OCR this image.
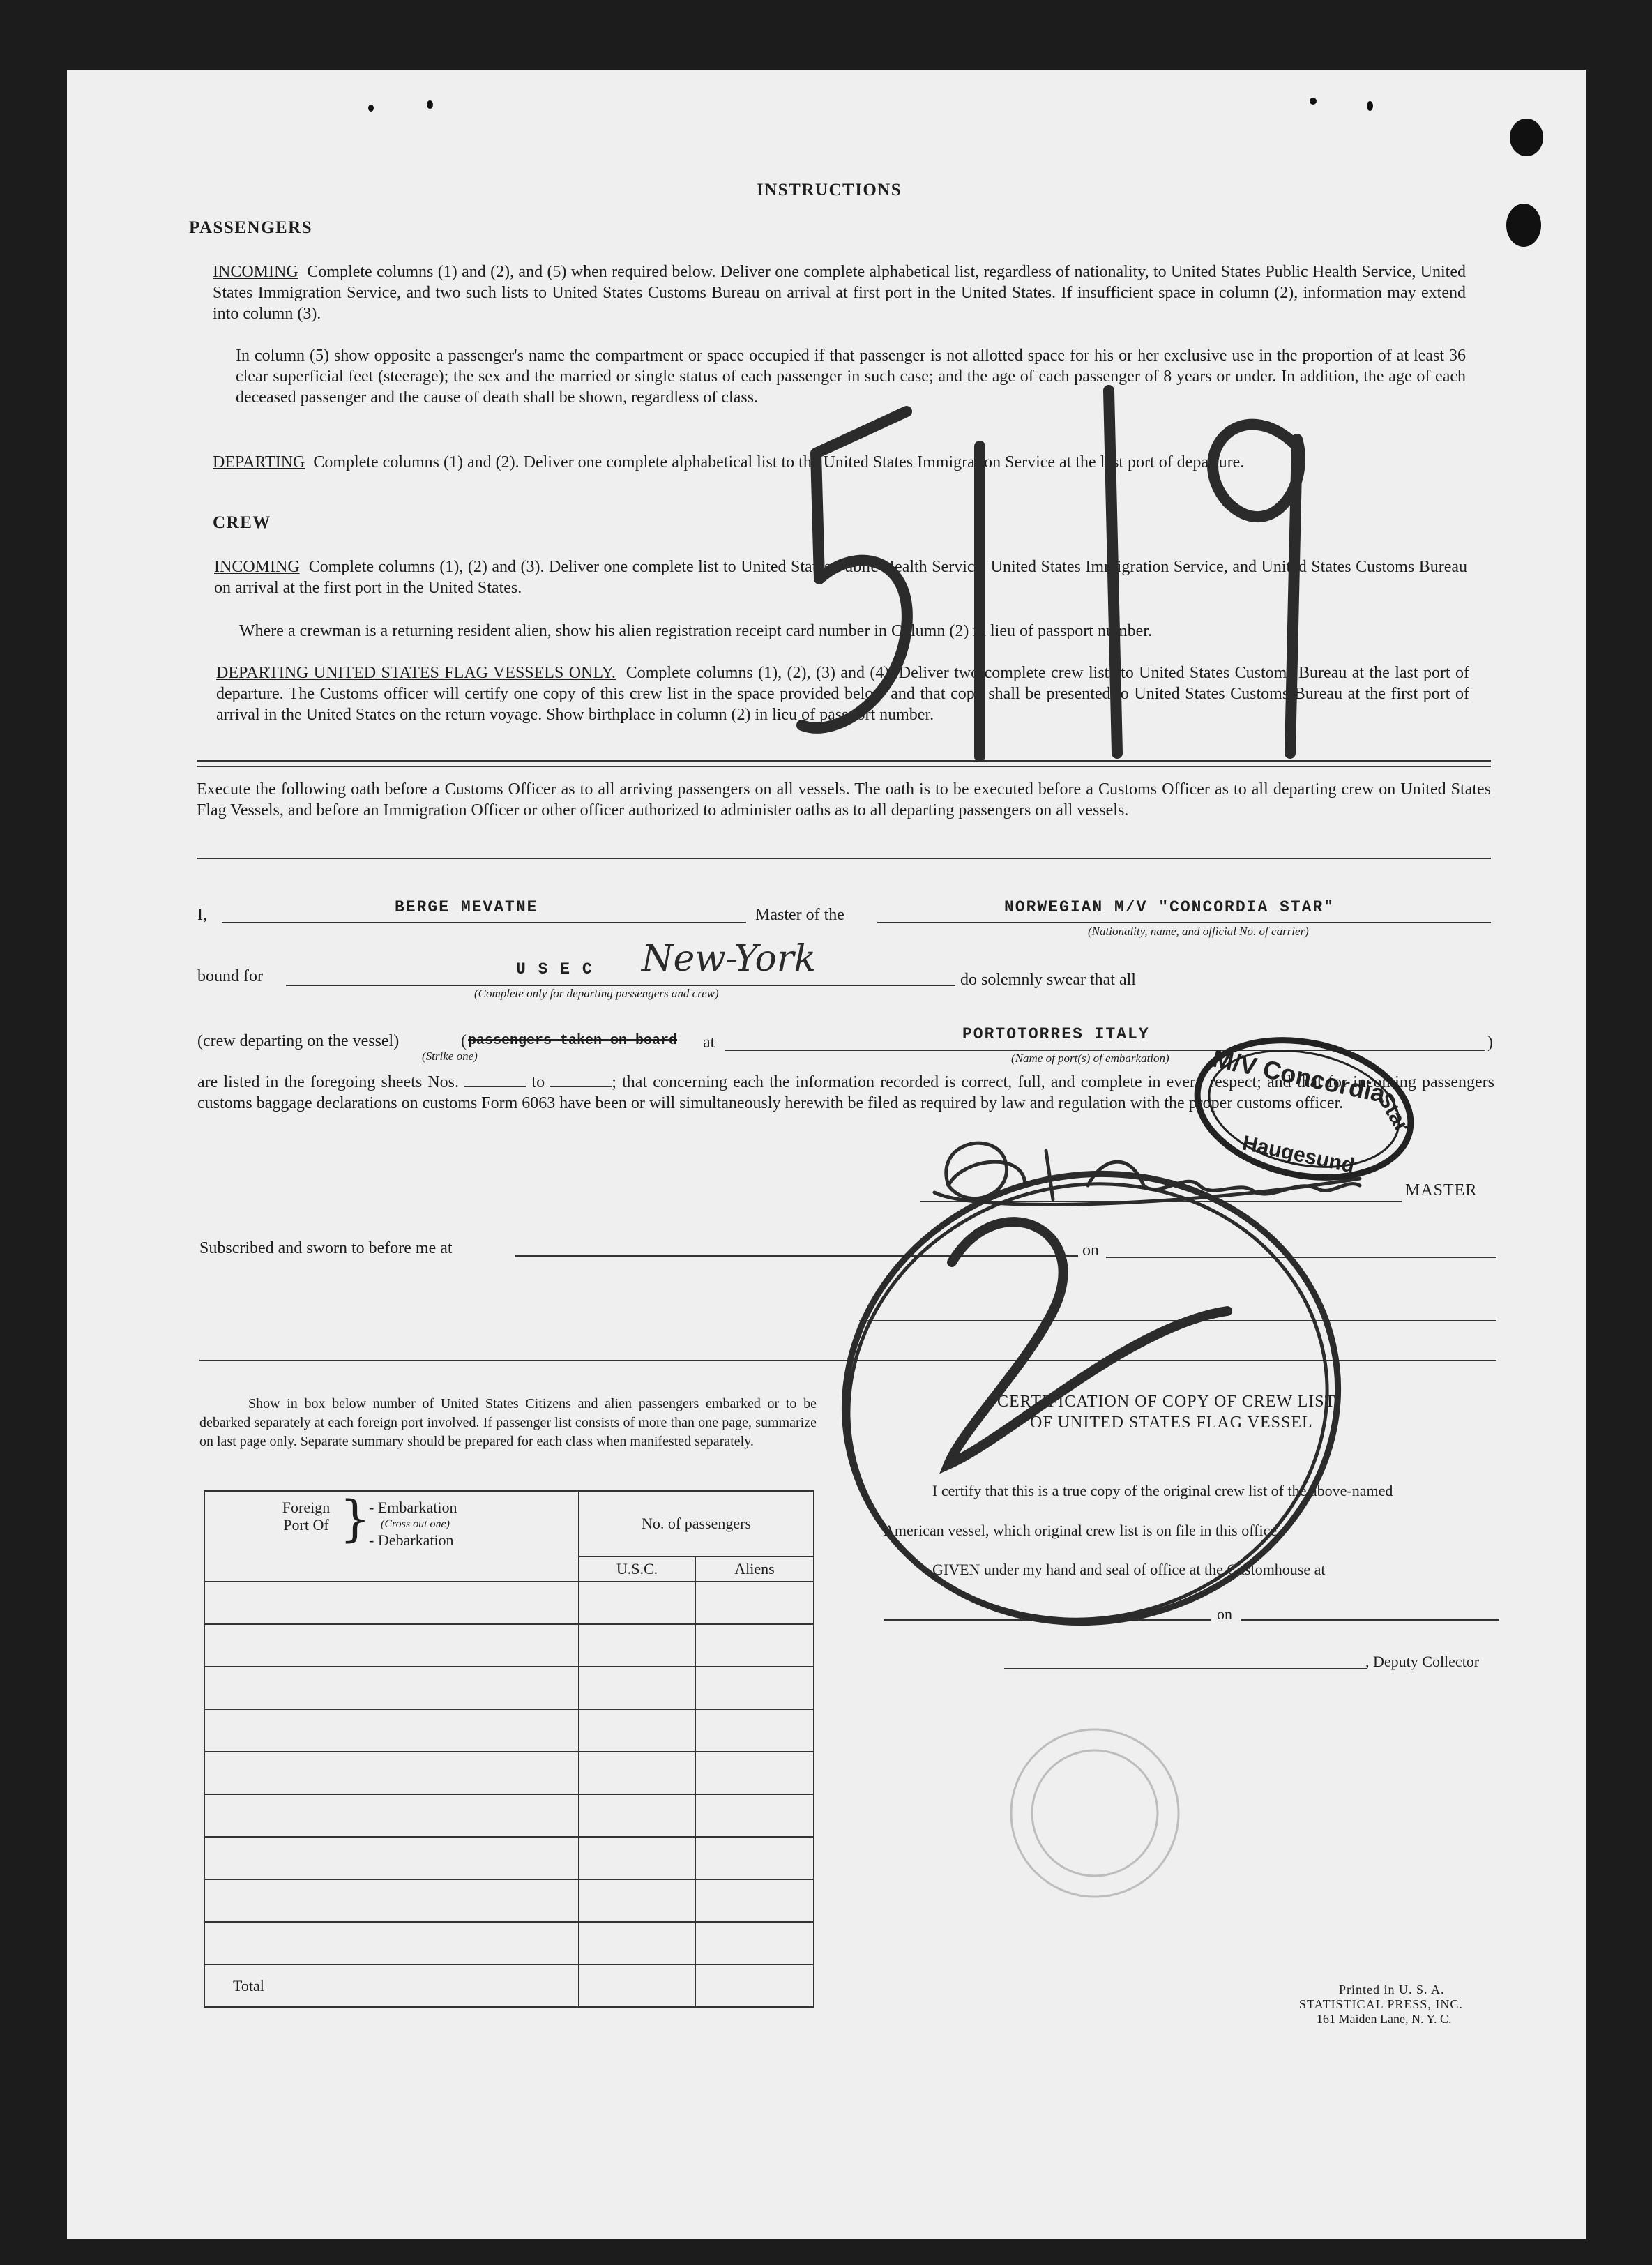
INSTRUCTIONS
PASSENGERS
INCOMING Complete columns (1) and (2), and (5) when required below. Deliver one complete alphabetical list, regardless of nationality, to United States Public Health Service, United States Immigration Service, and two such lists to United States Customs Bureau on arrival at first port in the United States. If insufficient space in column (2), information may extend into column (3).
In column (5) show opposite a passenger's name the compartment or space occupied if that passenger is not allotted space for his or her exclusive use in the proportion of at least 36 clear superficial feet (steerage); the sex and the married or single status of each passenger in such case; and the age of each passenger of 8 years or under. In addition, the age of each deceased passenger and the cause of death shall be shown, regardless of class.
DEPARTING Complete columns (1) and (2). Deliver one complete alphabetical list to the United States Immigration Service at the last port of departure.
CREW
INCOMING Complete columns (1), (2) and (3). Deliver one complete list to United States Public Health Service, United States Immigration Service, and United States Customs Bureau on arrival at the first port in the United States.
Where a crewman is a returning resident alien, show his alien registration receipt card number in Column (2) in lieu of passport number.
DEPARTING UNITED STATES FLAG VESSELS ONLY. Complete columns (1), (2), (3) and (4). Deliver two complete crew lists to United States Customs Bureau at the last port of departure. The Customs officer will certify one copy of this crew list in the space provided below and that copy shall be presented to United States Customs Bureau at the first port of arrival in the United States on the return voyage. Show birthplace in column (2) in lieu of passport number.
Execute the following oath before a Customs Officer as to all arriving passengers on all vessels. The oath is to be executed before a Customs Officer as to all departing crew on United States Flag Vessels, and before an Immigration Officer or other officer authorized to administer oaths as to all departing passengers on all vessels.
I,	BERGE MEVATNE	Master of the	NORWEGIAN M/V "CONCORDIA STAR"
(Nationality, name, and official No. of carrier)
bound for	U S E C New-York
(Complete only for departing passengers and crew)
do solemnly swear that all
(crew departing on the vessel)	( passengers taken on board
(Strike one)
at	PORTOTORRES ITALY
(Name of port(s) of embarkation)
)
are listed in the foregoing sheets Nos.	to	; that concerning each the information recorded is correct, full, and complete in every respect; and that for incoming passengers customs baggage declarations on customs Form 6063 have been or will simultaneously herewith be filed as required by law and regulation with the proper customs officer.
MASTER
Subscribed and sworn to before me at	on
Show in box below number of United States Citizens and alien passengers embarked or to be debarked separately at each foreign port involved. If passenger list consists of more than one page, summarize on last page only. Separate summary should be prepared for each class when manifested separately.
Foreign Port Of }
- Embarkation
(Cross out one)
- Debarkation	No. of passengers	
	U.S.C.	Aliens

Total		
CERTIFICATION OF COPY OF CREW LIST
OF UNITED STATES FLAG VESSEL
I certify that this is a true copy of the original crew list of the above-named
American vessel, which original crew list is on file in this office.
GIVEN under my hand and seal of office at the Customhouse at
on
, Deputy Collector
Printed in U. S. A.
STATISTICAL PRESS, INC.
161 Maiden Lane, N. Y. C.
M/V Concordia
Star
Haugesund
